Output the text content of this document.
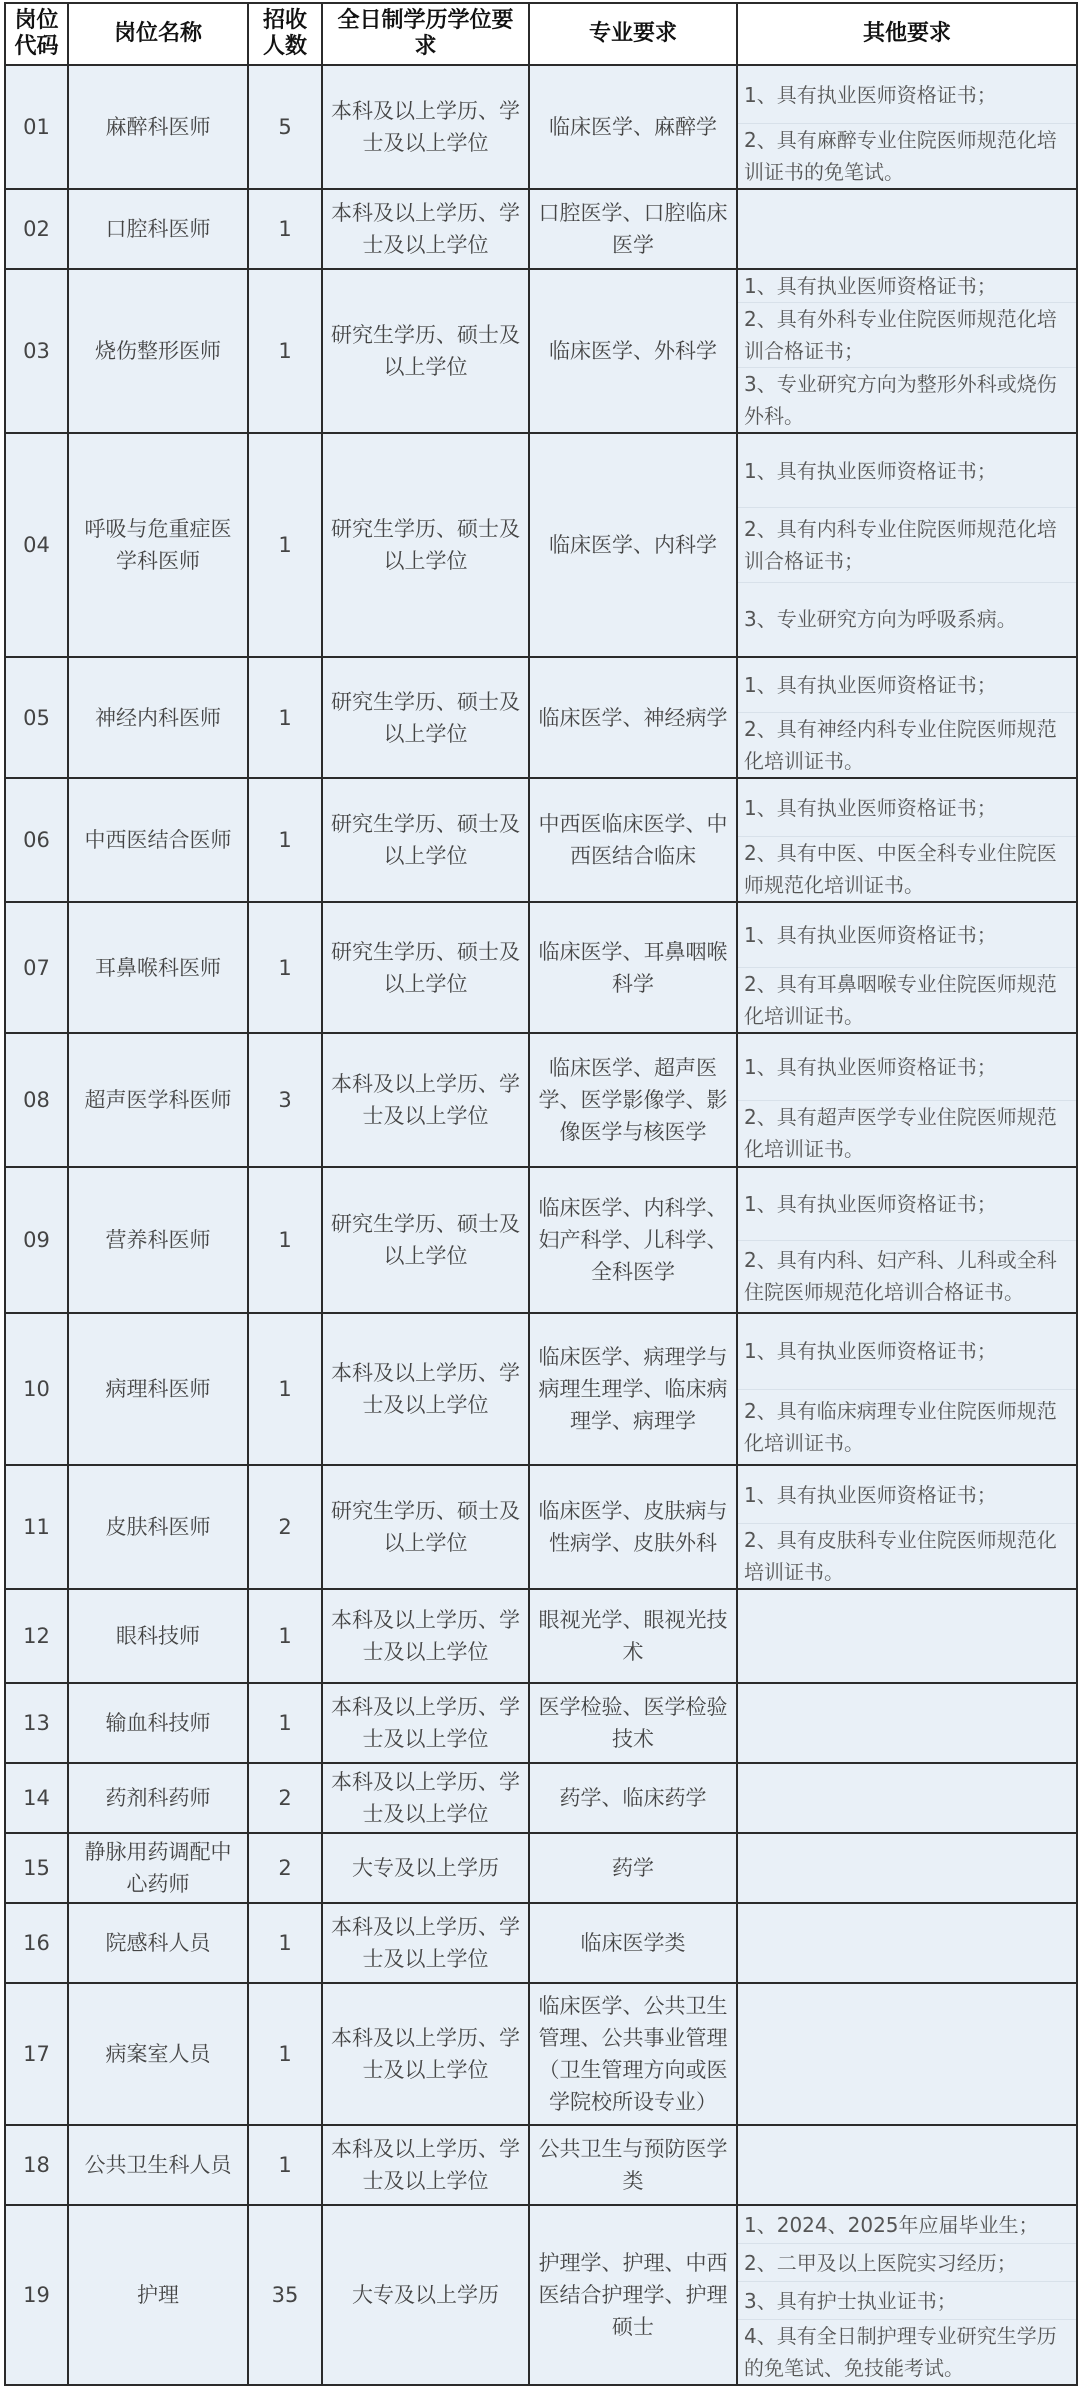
岗位代码	岗位名称	招收人数	全日制学历学位要求	专业要求	其他要求
01	麻醉科医师	5	本科及以上学历、学士及以上学位	临床医学、麻醉学	1、具有执业医师资格证书；
2、具有麻醉专业住院医师规范化培训证书的免笔试。

02	口腔科医师	1	本科及以上学历、学士及以上学位	口腔医学、口腔临床医学	

03	烧伤整形医师	1	研究生学历、硕士及以上学位	临床医学、外科学	1、具有执业医师资格证书；
2、具有外科专业住院医师规范化培训合格证书；
3、专业研究方向为整形外科或烧伤外科。

04	呼吸与危重症医学科医师	1	研究生学历、硕士及以上学位	临床医学、内科学	1、具有执业医师资格证书；
2、具有内科专业住院医师规范化培训合格证书；
3、专业研究方向为呼吸系病。

05	神经内科医师	1	研究生学历、硕士及以上学位	临床医学、神经病学	1、具有执业医师资格证书；
2、具有神经内科专业住院医师规范化培训证书。

06	中西医结合医师	1	研究生学历、硕士及以上学位	中西医临床医学、中西医结合临床	1、具有执业医师资格证书；
2、具有中医、中医全科专业住院医师规范化培训证书。

07	耳鼻喉科医师	1	研究生学历、硕士及以上学位	临床医学、耳鼻咽喉科学	1、具有执业医师资格证书；
2、具有耳鼻咽喉专业住院医师规范化培训证书。

08	超声医学科医师	3	本科及以上学历、学士及以上学位	临床医学、超声医学、医学影像学、影像医学与核医学	1、具有执业医师资格证书；
2、具有超声医学专业住院医师规范化培训证书。

09	营养科医师	1	研究生学历、硕士及以上学位	临床医学、内科学、妇产科学、儿科学、全科医学	1、具有执业医师资格证书；
2、具有内科、妇产科、儿科或全科住院医师规范化培训合格证书。

10	病理科医师	1	本科及以上学历、学士及以上学位	临床医学、病理学与病理生理学、临床病理学、病理学	1、具有执业医师资格证书；
2、具有临床病理专业住院医师规范化培训证书。

11	皮肤科医师	2	研究生学历、硕士及以上学位	临床医学、皮肤病与性病学、皮肤外科	1、具有执业医师资格证书；
2、具有皮肤科专业住院医师规范化培训证书。

12	眼科技师	1	本科及以上学历、学士及以上学位	眼视光学、眼视光技术	

13	输血科技师	1	本科及以上学历、学士及以上学位	医学检验、医学检验技术	

14	药剂科药师	2	本科及以上学历、学士及以上学位	药学、临床药学	

15	静脉用药调配中心药师	2	大专及以上学历	药学	

16	院感科人员	1	本科及以上学历、学士及以上学位	临床医学类	

17	病案室人员	1	本科及以上学历、学士及以上学位	临床医学、公共卫生管理、公共事业管理（卫生管理方向或医学院校所设专业）	

18	公共卫生科人员	1	本科及以上学历、学士及以上学位	公共卫生与预防医学类	

19	护理	35	大专及以上学历	护理学、护理、中西医结合护理学、护理硕士	1、2024、2025年应届毕业生；
2、二甲及以上医院实习经历；
3、具有护士执业证书；
4、具有全日制护理专业研究生学历的免笔试、免技能考试。
